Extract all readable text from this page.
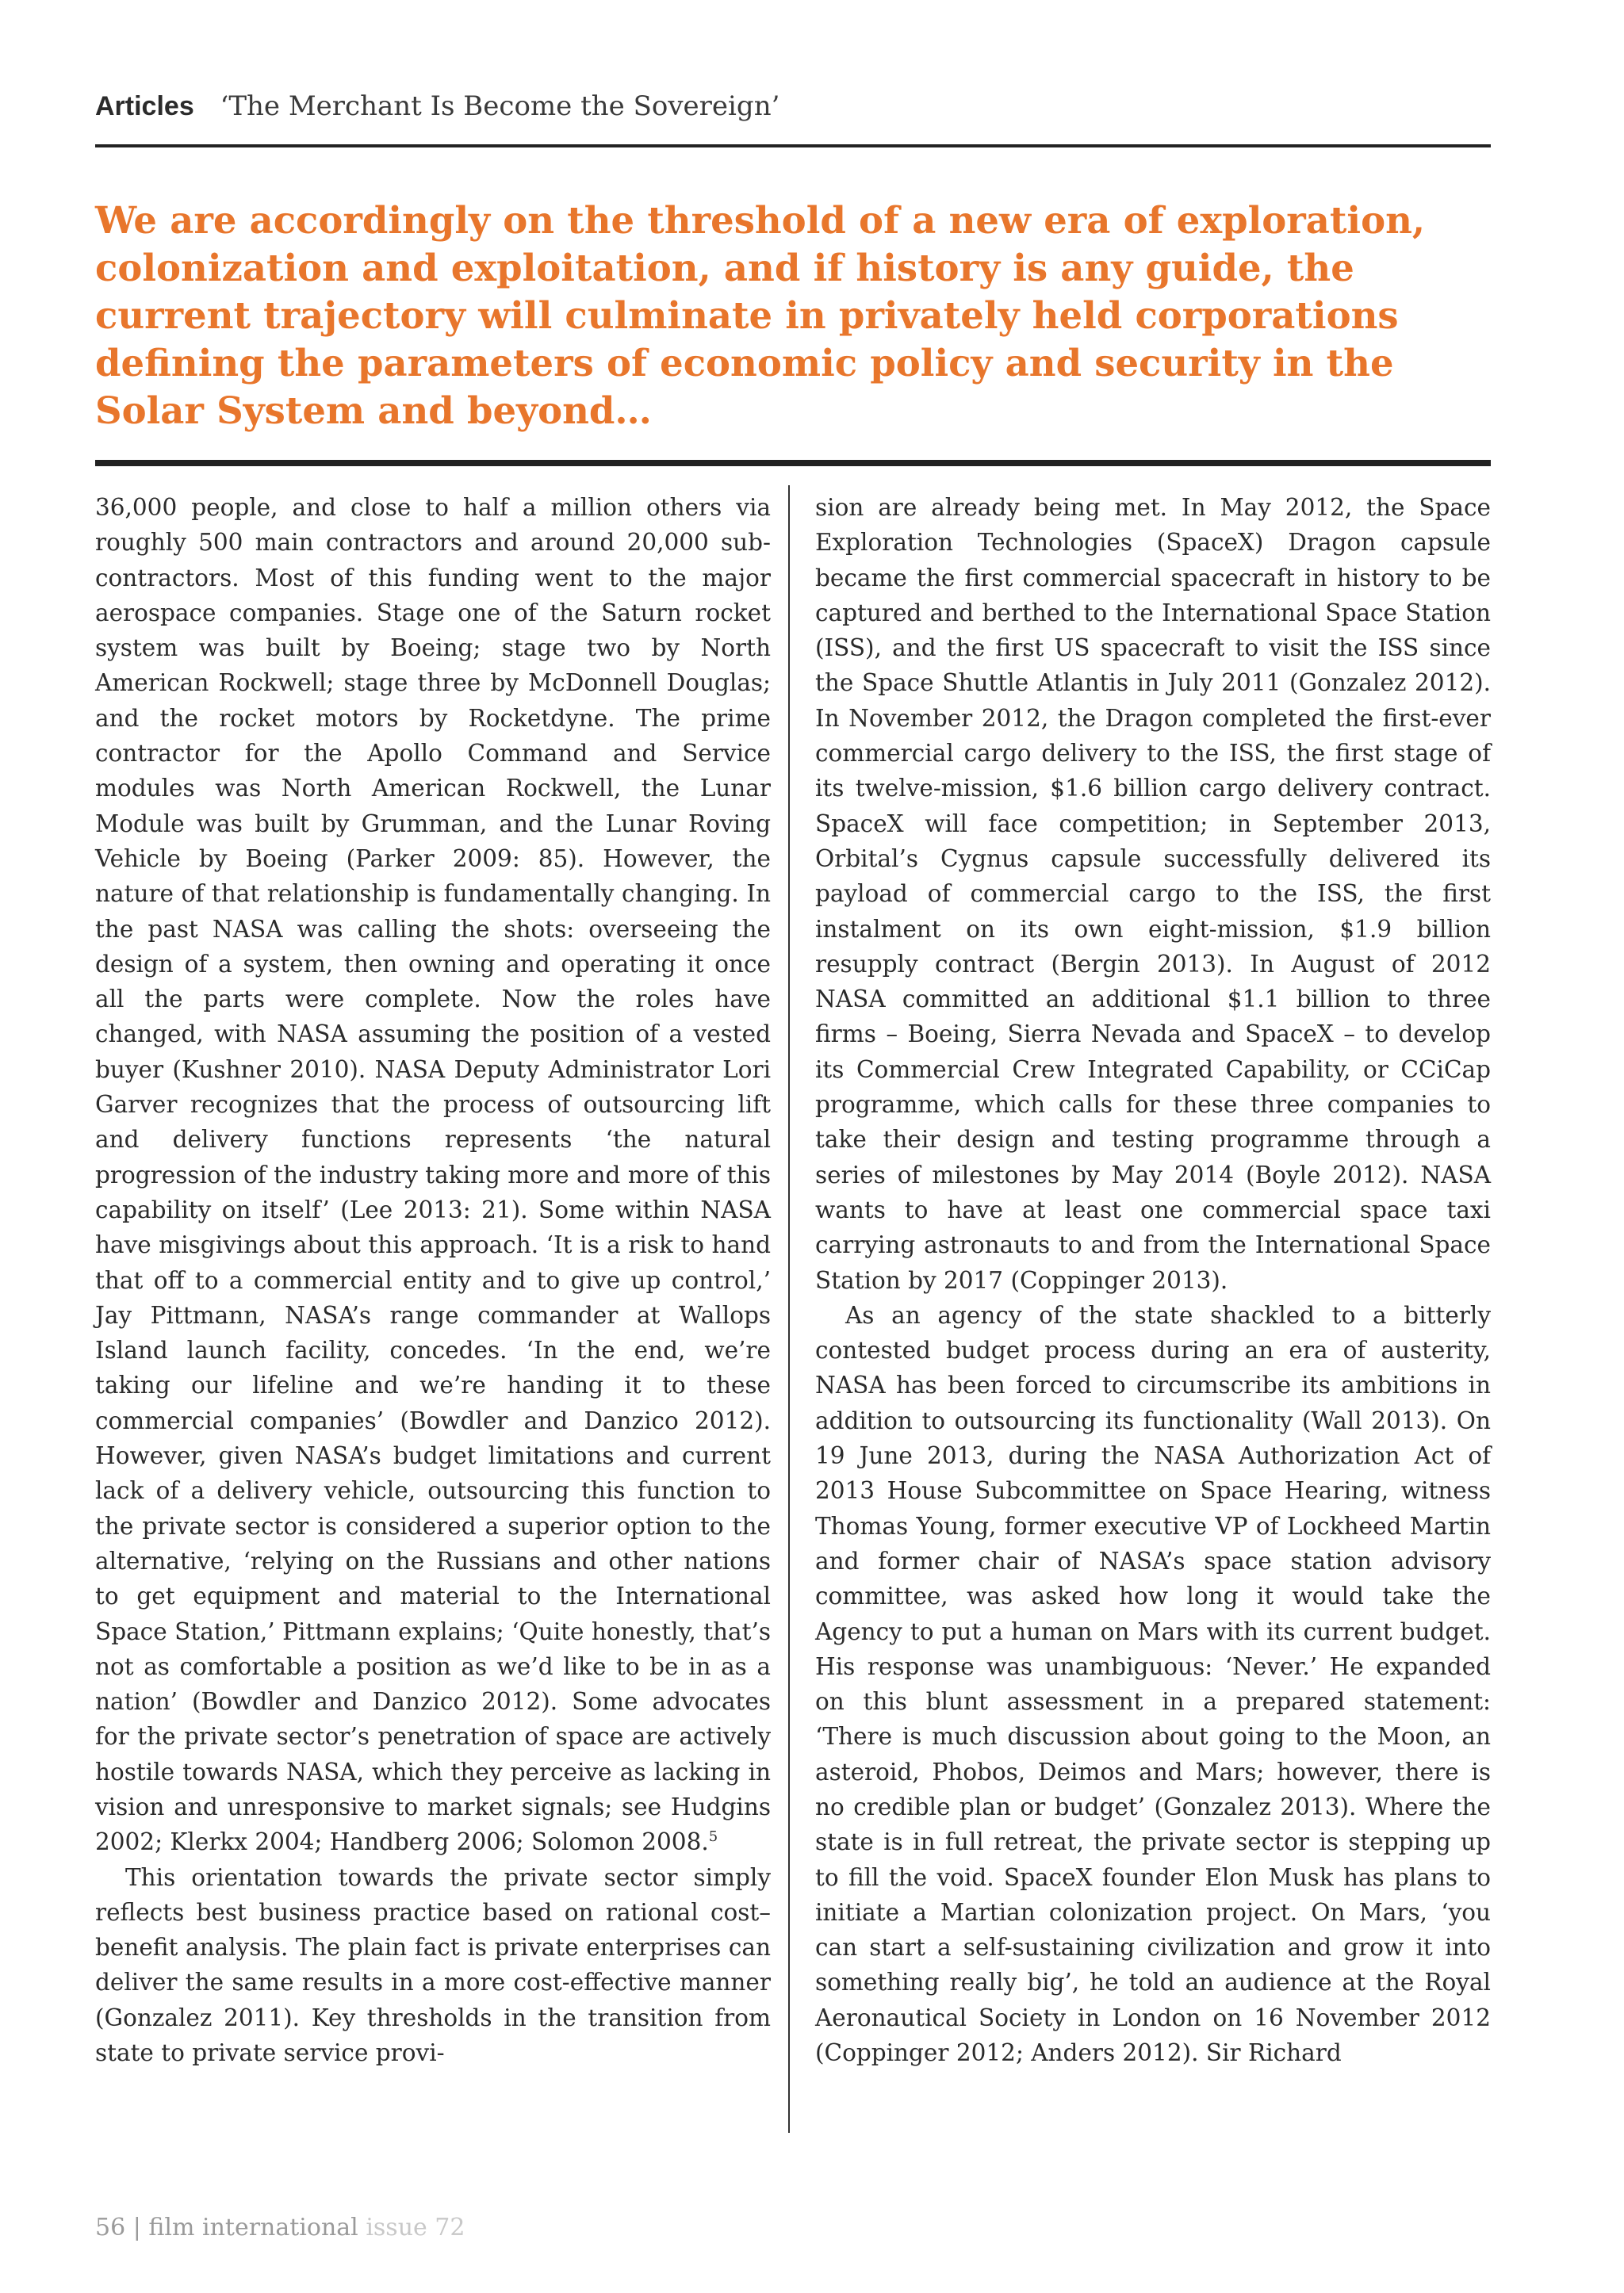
Articles ‘The Merchant Is Become the Sovereign’
We are accordingly on the threshold of a new era of exploration, colonization and exploitation, and if history is any guide, the current trajectory will culminate in privately held corporations defining the parameters of economic policy and security in the Solar System and beyond…

36,000 people, and close to half a million others via roughly 500 main contractors and around 20,000 sub-contractors. Most of this funding went to the major aerospace companies. Stage one of the Saturn rocket system was built by Boeing; stage two by North American Rockwell; stage three by McDonnell Douglas; and the rocket motors by Rocketdyne. The prime contractor for the Apollo Command and Service modules was North American Rockwell, the Lunar Module was built by Grumman, and the Lunar Roving Vehicle by Boeing (Parker 2009: 85). However, the nature of that relationship is fundamentally changing. In the past NASA was calling the shots: overseeing the design of a system, then owning and operating it once all the parts were complete. Now the roles have changed, with NASA assuming the position of a vested buyer (Kushner 2010). NASA Deputy Administrator Lori Garver recognizes that the process of outsourcing lift and delivery functions represents ‘the natural progression of the industry taking more and more of this capability on itself’ (Lee 2013: 21). Some within NASA have misgivings about this approach. ‘It is a risk to hand that off to a commercial entity and to give up control,’ Jay Pittmann, NASA’s range commander at Wallops Island launch facility, concedes. ‘In the end, we’re taking our lifeline and we’re handing it to these commercial companies’ (Bowdler and Danzico 2012). However, given NASA’s budget limitations and current lack of a delivery vehicle, outsourcing this function to the private sector is considered a superior option to the alternative, ‘relying on the Russians and other nations to get equipment and material to the International Space Station,’ Pittmann explains; ‘Quite honestly, that’s not as comfortable a position as we’d like to be in as a nation’ (Bowdler and Danzico 2012). Some advocates for the private sector’s penetration of space are actively hostile towards NASA, which they perceive as lacking in vision and unresponsive to market signals; see Hudgins 2002; Klerkx 2004; Handberg 2006; Solomon 2008.$^5$

This orientation towards the private sector simply reflects best business practice based on rational cost–benefit analysis. The plain fact is private enterprises can deliver the same results in a more cost-effective manner (Gonzalez 2011). Key thresholds in the transition from state to private service provi-

sion are already being met. In May 2012, the Space Exploration Technologies (SpaceX) Dragon capsule became the first commercial spacecraft in history to be captured and berthed to the International Space Station (ISS), and the first US spacecraft to visit the ISS since the Space Shuttle Atlantis in July 2011 (Gonzalez 2012). In November 2012, the Dragon completed the first-ever commercial cargo delivery to the ISS, the first stage of its twelve-mission, $1.6 billion cargo delivery contract. SpaceX will face competition; in September 2013, Orbital’s Cygnus capsule successfully delivered its payload of commercial cargo to the ISS, the first instalment on its own eight-mission, $1.9 billion resupply contract (Bergin 2013). In August of 2012 NASA committed an additional $1.1 billion to three firms – Boeing, Sierra Nevada and SpaceX – to develop its Commercial Crew Integrated Capability, or CCiCap programme, which calls for these three companies to take their design and testing programme through a series of milestones by May 2014 (Boyle 2012). NASA wants to have at least one commercial space taxi carrying astronauts to and from the International Space Station by 2017 (Coppinger 2013).

As an agency of the state shackled to a bitterly contested budget process during an era of austerity, NASA has been forced to circumscribe its ambitions in addition to outsourcing its functionality (Wall 2013). On 19 June 2013, during the NASA Authorization Act of 2013 House Subcommittee on Space Hearing, witness Thomas Young, former executive VP of Lockheed Martin and former chair of NASA’s space station advisory committee, was asked how long it would take the Agency to put a human on Mars with its current budget. His response was unambiguous: ‘Never.’ He expanded on this blunt assessment in a prepared statement: ‘There is much discussion about going to the Moon, an asteroid, Phobos, Deimos and Mars; however, there is no credible plan or budget’ (Gonzalez 2013). Where the state is in full retreat, the private sector is stepping up to fill the void. SpaceX founder Elon Musk has plans to initiate a Martian colonization project. On Mars, ‘you can start a self-sustaining civilization and grow it into something really big’, he told an audience at the Royal Aeronautical Society in London on 16 November 2012 (Coppinger 2012; Anders 2012). Sir Richard

56 | film international issue 72
